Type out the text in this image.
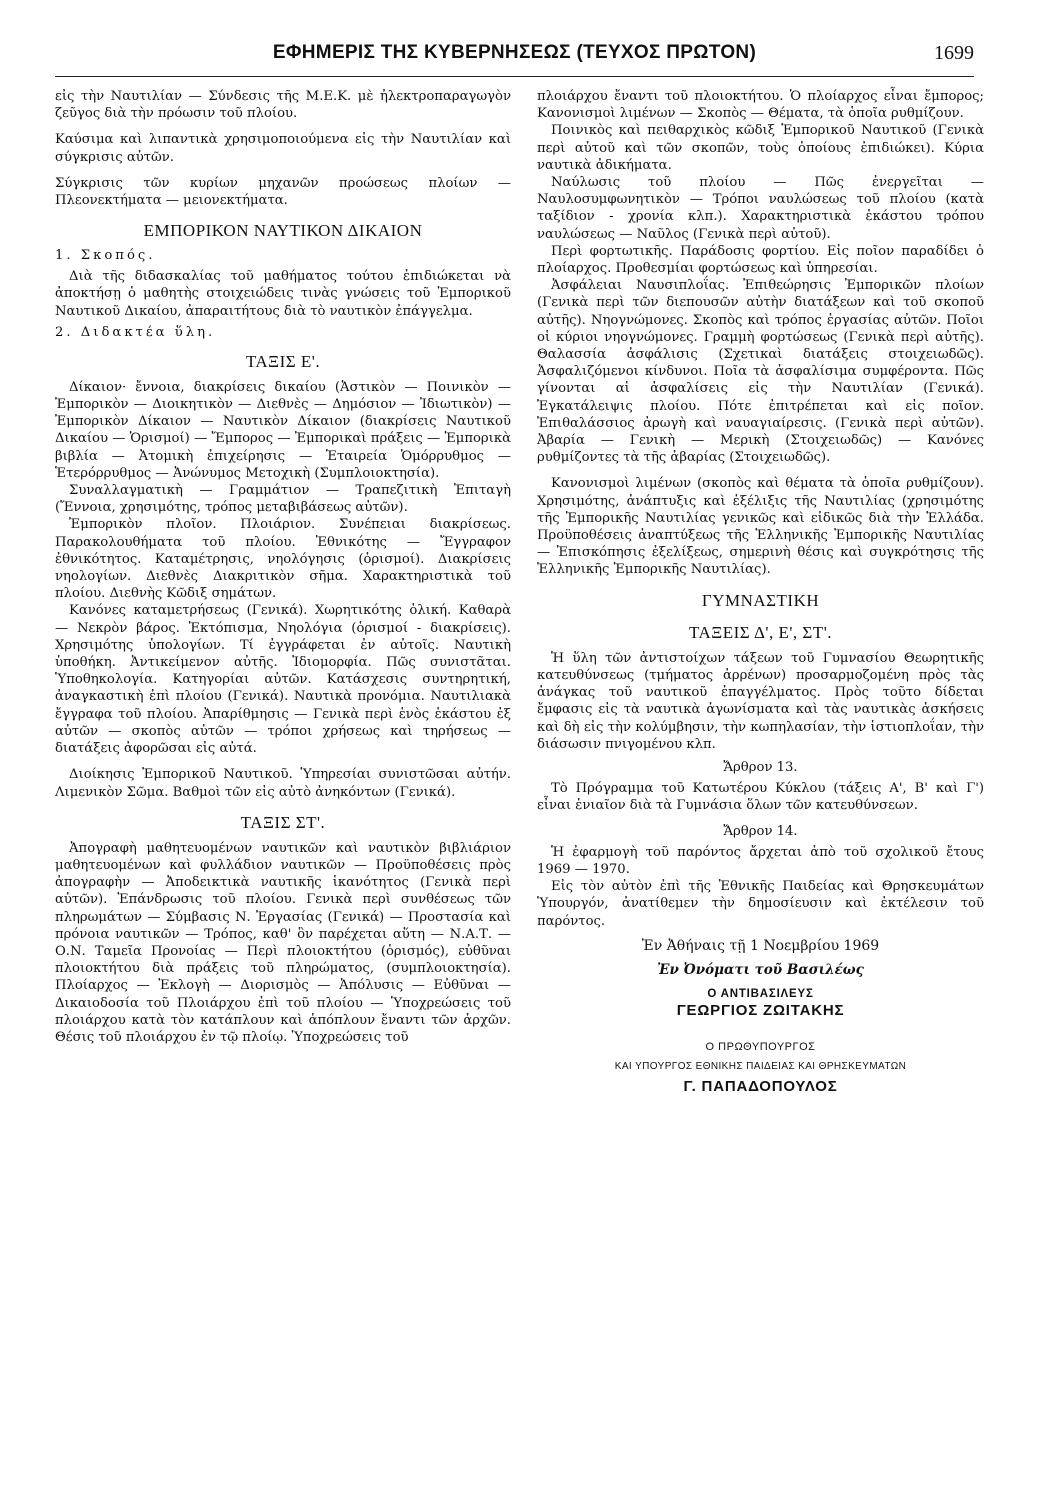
ΕΦΗΜΕΡΙΣ ΤΗΣ ΚΥΒΕΡΝΗΣΕΩΣ (ΤΕΥΧΟΣ ΠΡΩΤΟΝ)	1699

εἰς τὴν Ναυτιλίαν — Σύνδεσις τῆς Μ.Ε.Κ. μὲ ἠλεκτροπαραγωγὸν ζεῦγος διὰ τὴν πρόωσιν τοῦ πλοίου.

Καύσιμα καὶ λιπαντικὰ χρησιμοποιούμενα εἰς τὴν Ναυτιλίαν καὶ σύγκρισις αὐτῶν.

Σύγκρισις τῶν κυρίων μηχανῶν προώσεως πλοίων — Πλεονεκτήματα — μειονεκτήματα.

ΕΜΠΟΡΙΚΟΝ ΝΑΥΤΙΚΟΝ ΔΙΚΑΙΟΝ
1. Σκοπός.

Διὰ τῆς διδασκαλίας τοῦ μαθήματος τούτου ἐπιδιώκεται νὰ ἀποκτήσῃ ὁ μαθητὴς στοιχειώδεις τινὰς γνώσεις τοῦ Ἐμπορικοῦ Ναυτικοῦ Δικαίου, ἀπαραιτήτους διὰ τὸ ναυτικὸν ἐπάγγελμα.

2. Διδακτέα ὕλη.
ΤΑΞΙΣ Ε'.

Δίκαιον· ἔννοια, διακρίσεις δικαίου (Ἀστικὸν — Ποινικὸν — Ἐμπορικὸν — Διοικητικὸν — Διεθνὲς — Δημόσιον — Ἰδιωτικὸν) — Ἐμπορικὸν Δίκαιον — Ναυτικὸν Δίκαιον (διακρίσεις Ναυτικοῦ Δικαίου — Ὁρισμοί) — Ἔμπορος — Ἐμπορικαὶ πράξεις — Ἐμπορικὰ βιβλία — Ἀτομικὴ ἐπιχείρησις — Ἑταιρεία Ὁμόρρυθμος — Ἑτερόρρυθμος — Ἀνώνυμος Μετοχικὴ (Συμπλοιοκτησία).

Συναλλαγματικὴ — Γραμμάτιον — Τραπεζιτικὴ Ἐπιταγὴ (Ἔννοια, χρησιμότης, τρόπος μεταβιβάσεως αὐτῶν).

Ἐμπορικὸν πλοῖον. Πλοιάριον. Συνέπειαι διακρίσεως. Παρακολουθήματα τοῦ πλοίου. Ἐθνικότης — Ἔγγραφον ἐθνικότητος. Καταμέτρησις, νηολόγησις (ὁρισμοί). Διακρίσεις νηολογίων. Διεθνὲς Διακριτικὸν σῆμα. Χαρακτηριστικὰ τοῦ πλοίου. Διεθνὴς Κῶδιξ σημάτων.

Κανόνες καταμετρήσεως (Γενικά). Χωρητικότης ὁλική. Καθαρὰ — Νεκρὸν βάρος. Ἐκτόπισμα, Νηολόγια (ὁρισμοί - διακρίσεις). Χρησιμότης ὑπολογίων. Τί ἐγγράφεται ἐν αὐτοῖς. Ναυτικὴ ὑποθήκη. Ἀντικείμενον αὐτῆς. Ἰδιομορφία. Πῶς συνιστᾶται. Ὑποθηκολογία. Κατηγορίαι αὐτῶν. Κατάσχεσις συντηρητική, ἀναγκαστικὴ ἐπὶ πλοίου (Γενικά). Ναυτικὰ προνόμια. Ναυτιλιακὰ ἔγγραφα τοῦ πλοίου. Ἀπαρίθμησις — Γενικὰ περὶ ἑνὸς ἑκάστου ἐξ αὐτῶν — σκοπὸς αὐτῶν — τρόποι χρήσεως καὶ τηρήσεως — διατάξεις ἀφορῶσαι εἰς αὐτά.

Διοίκησις Ἐμπορικοῦ Ναυτικοῦ. Ὑπηρεσίαι συνιστῶσαι αὐτήν. Λιμενικὸν Σῶμα. Βαθμοὶ τῶν εἰς αὐτὸ ἀνηκόντων (Γενικά).

ΤΑΞΙΣ ΣΤ'.

Ἀπογραφὴ μαθητευομένων ναυτικῶν καὶ ναυτικὸν βιβλιάριον μαθητευομένων καὶ φυλλάδιον ναυτικῶν — Προϋποθέσεις πρὸς ἀπογραφὴν — Ἀποδεικτικὰ ναυτικῆς ἱκανότητος (Γενικὰ περὶ αὐτῶν). Ἐπάνδρωσις τοῦ πλοίου. Γενικὰ περὶ συνθέσεως τῶν πληρωμάτων — Σύμβασις Ν. Ἐργασίας (Γενικά) — Προστασία καὶ πρόνοια ναυτικῶν — Τρόπος, καθ' ὃν παρέχεται αὕτη — Ν.Α.Τ. — Ο.Ν. Ταμεῖα Προνοίας — Περὶ πλοιοκτήτου (ὁρισμός), εὐθῦναι πλοιοκτήτου διὰ πράξεις τοῦ πληρώματος, (συμπλοιοκτησία). Πλοίαρχος — Ἐκλογὴ — Διορισμὸς — Ἀπόλυσις — Εὐθῦναι — Δικαιοδοσία τοῦ Πλοιάρχου ἐπὶ τοῦ πλοίου — Ὑποχρεώσεις τοῦ πλοιάρχου κατὰ τὸν κατάπλουν καὶ ἀπόπλουν ἔναντι τῶν ἀρχῶν. Θέσις τοῦ πλοιάρχου ἐν τῷ πλοίῳ. Ὑποχρεώσεις τοῦ

πλοιάρχου ἔναντι τοῦ πλοιοκτήτου. Ὁ πλοίαρχος εἶναι ἔμπορος; Κανονισμοὶ λιμένων — Σκοπὸς — Θέματα, τὰ ὁποῖα ρυθμίζουν.

Ποινικὸς καὶ πειθαρχικὸς κῶδιξ Ἐμπορικοῦ Ναυτικοῦ (Γενικὰ περὶ αὐτοῦ καὶ τῶν σκοπῶν, τοὺς ὁποίους ἐπιδιώκει). Κύρια ναυτικὰ ἀδικήματα.

Ναύλωσις τοῦ πλοίου — Πῶς ἐνεργεῖται — Ναυλοσυμφωνητικὸν — Τρόποι ναυλώσεως τοῦ πλοίου (κατὰ ταξίδιον - χρονία κλπ.). Χαρακτηριστικὰ ἑκάστου τρόπου ναυλώσεως — Ναῦλος (Γενικὰ περὶ αὐτοῦ).

Περὶ φορτωτικῆς. Παράδοσις φορτίου. Εἰς ποῖον παραδίδει ὁ πλοίαρχος. Προθεσμίαι φορτώσεως καὶ ὑπηρεσίαι.

Ἀσφάλειαι Ναυσιπλοΐας. Ἐπιθεώρησις Ἐμπορικῶν πλοίων (Γενικὰ περὶ τῶν διεπουσῶν αὐτὴν διατάξεων καὶ τοῦ σκοποῦ αὐτῆς). Νηογνώμονες. Σκοπὸς καὶ τρόπος ἐργασίας αὐτῶν. Ποῖοι οἱ κύριοι νηογνώμονες. Γραμμὴ φορτώσεως (Γενικὰ περὶ αὐτῆς). Θαλασσία ἀσφάλισις (Σχετικαὶ διατάξεις στοιχειωδῶς). Ἀσφαλιζόμενοι κίνδυνοι. Ποῖα τὰ ἀσφαλίσιμα συμφέροντα. Πῶς γίνονται αἱ ἀσφαλίσεις εἰς τὴν Ναυτιλίαν (Γενικά). Ἐγκατάλειψις πλοίου. Πότε ἐπιτρέπεται καὶ εἰς ποῖον. Ἐπιθαλάσσιος ἀρωγὴ καὶ ναυαγιαίρεσις. (Γενικὰ περὶ αὐτῶν). Ἀβαρία — Γενικὴ — Μερικὴ (Στοιχειωδῶς) — Κανόνες ρυθμίζοντες τὰ τῆς ἀβαρίας (Στοιχειωδῶς).

Κανονισμοὶ λιμένων (σκοπὸς καὶ θέματα τὰ ὁποῖα ρυθμίζουν). Χρησιμότης, ἀνάπτυξις καὶ ἐξέλιξις τῆς Ναυτιλίας (χρησιμότης τῆς Ἐμπορικῆς Ναυτιλίας γενικῶς καὶ εἰδικῶς διὰ τὴν Ἑλλάδα. Προϋποθέσεις ἀναπτύξεως τῆς Ἑλληνικῆς Ἐμπορικῆς Ναυτιλίας — Ἐπισκόπησις ἐξελίξεως, σημερινὴ θέσις καὶ συγκρότησις τῆς Ἑλληνικῆς Ἐμπορικῆς Ναυτιλίας).

ΓΥΜΝΑΣΤΙΚΗ
ΤΑΞΕΙΣ Δ', Ε', ΣΤ'.

Ἡ ὕλη τῶν ἀντιστοίχων τάξεων τοῦ Γυμνασίου Θεωρητικῆς κατευθύνσεως (τμήματος ἀρρένων) προσαρμοζομένη πρὸς τὰς ἀνάγκας τοῦ ναυτικοῦ ἐπαγγέλματος. Πρὸς τοῦτο δίδεται ἔμφασις εἰς τὰ ναυτικὰ ἀγωνίσματα καὶ τὰς ναυτικὰς ἀσκήσεις καὶ δὴ εἰς τὴν κολύμβησιν, τὴν κωπηλασίαν, τὴν ἱστιοπλοΐαν, τὴν διάσωσιν πνιγομένου κλπ.

Ἄρθρον 13.

Τὸ Πρόγραμμα τοῦ Κατωτέρου Κύκλου (τάξεις Α', Β' καὶ Γ') εἶναι ἑνιαῖον διὰ τὰ Γυμνάσια ὅλων τῶν κατευθύνσεων.

Ἄρθρον 14.

Ἡ ἐφαρμογὴ τοῦ παρόντος ἄρχεται ἀπὸ τοῦ σχολικοῦ ἔτους 1969 — 1970.

Εἰς τὸν αὐτὸν ἐπὶ τῆς Ἐθνικῆς Παιδείας καὶ Θρησκευμάτων Ὑπουργόν, ἀνατίθεμεν τὴν δημοσίευσιν καὶ ἐκτέλεσιν τοῦ παρόντος.

Ἐν Ἀθήναις τῇ 1 Νοεμβρίου 1969
Ἐν Ὀνόματι τοῦ Βασιλέως
Ο ΑΝΤΙΒΑΣΙΛΕΥΣ
ΓΕΩΡΓΙΟΣ ΖΩΙΤΑΚΗΣ
Ο ΠΡΩΘΥΠΟΥΡΓΟΣ
ΚΑΙ ΥΠΟΥΡΓΟΣ ΕΘΝΙΚΗΣ ΠΑΙΔΕΙΑΣ ΚΑΙ ΘΡΗΣΚΕΥΜΑΤΩΝ
Γ. ΠΑΠΑΔΟΠΟΥΛΟΣ
